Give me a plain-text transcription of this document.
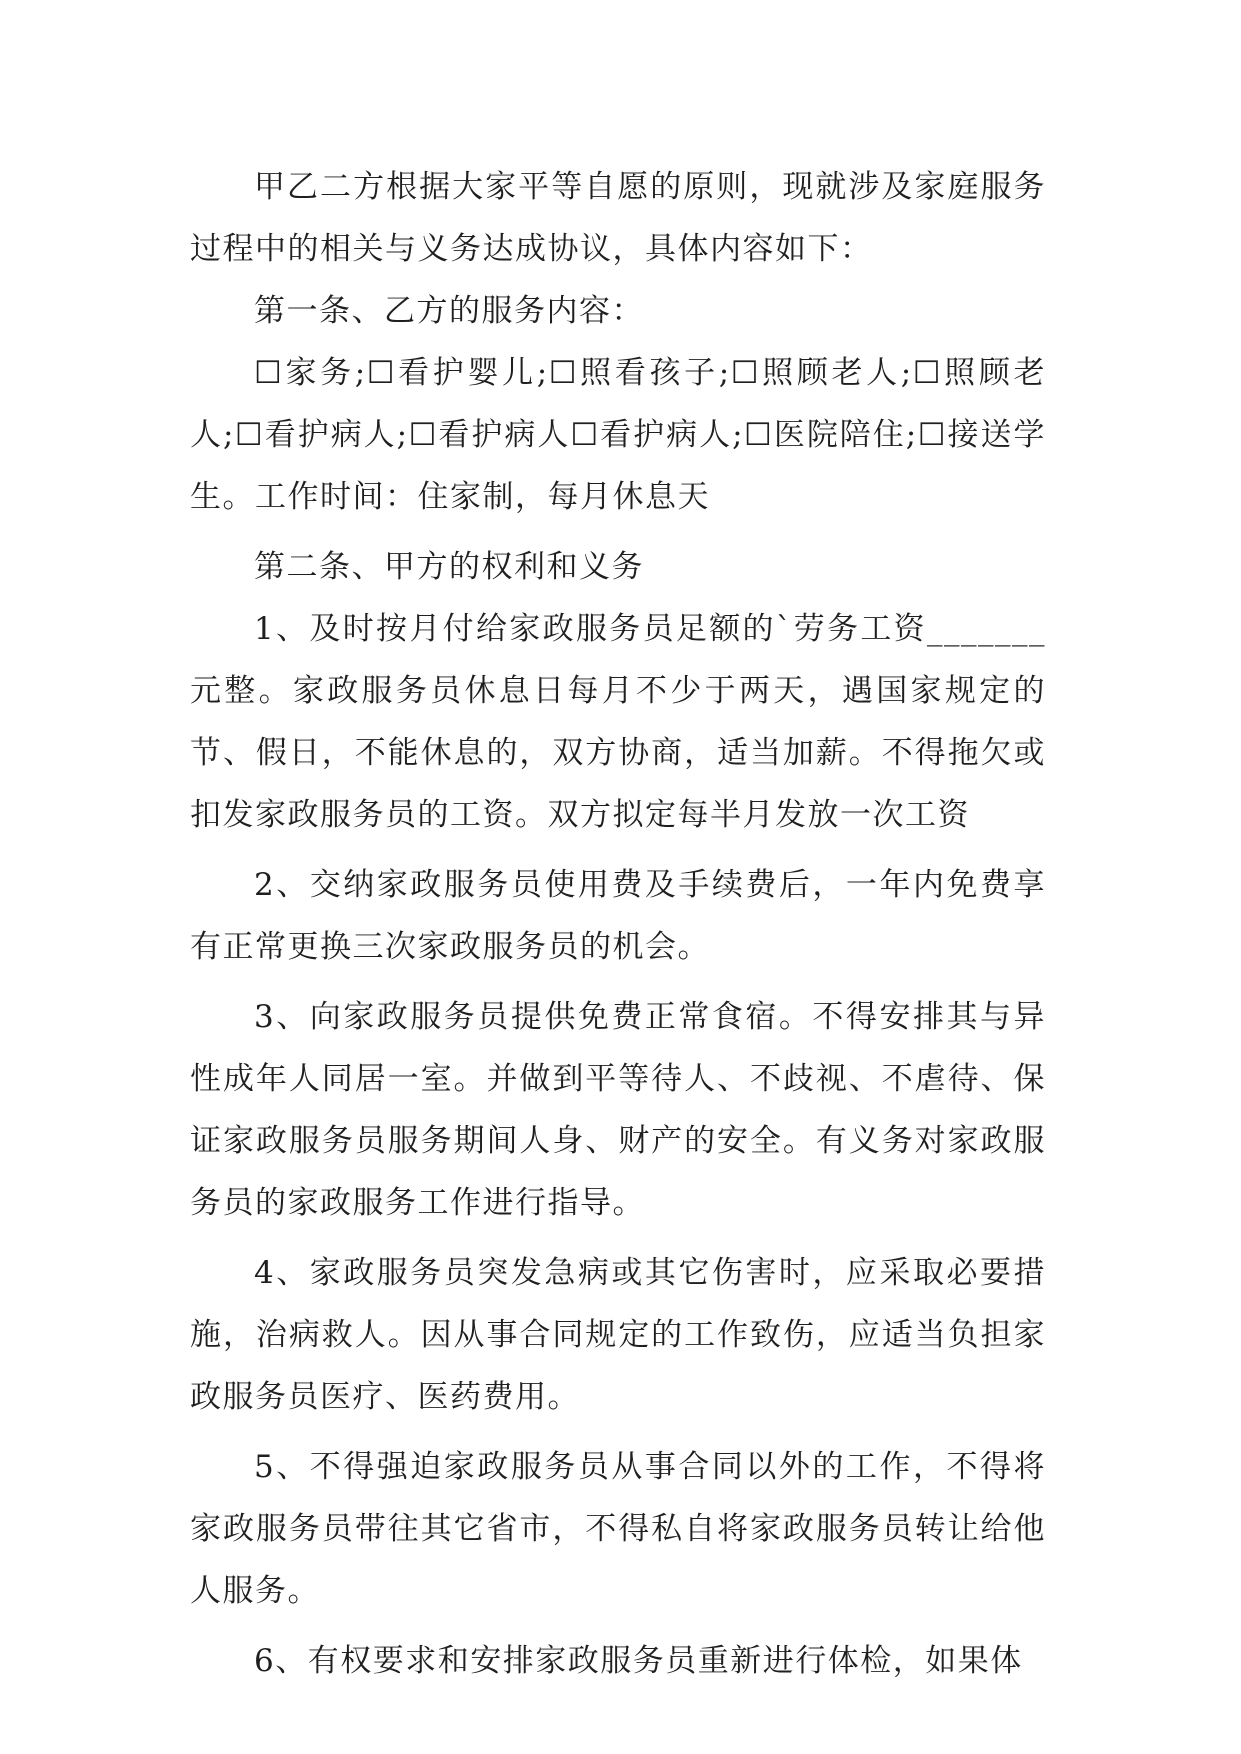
甲乙二方根据大家平等自愿的原则，现就涉及家庭服务过程中的相关与义务达成协议，具体内容如下：

第一条、乙方的服务内容：

☐家务;☐看护婴儿;☐照看孩子;☐照顾老人;☐照顾老人;☐看护病人;☐看护病人☐看护病人;☐医院陪住;☐接送学生。工作时间：住家制，每月休息天

第二条、甲方的权利和义务

1、及时按月付给家政服务员足额的`劳务工资_______元整。家政服务员休息日每月不少于两天，遇国家规定的节、假日，不能休息的，双方协商，适当加薪。不得拖欠或扣发家政服务员的工资。双方拟定每半月发放一次工资

2、交纳家政服务员使用费及手续费后，一年内免费享有正常更换三次家政服务员的机会。

3、向家政服务员提供免费正常食宿。不得安排其与异性成年人同居一室。并做到平等待人、不歧视、不虐待、保证家政服务员服务期间人身、财产的安全。有义务对家政服务员的家政服务工作进行指导。

4、家政服务员突发急病或其它伤害时，应采取必要措施，治病救人。因从事合同规定的工作致伤，应适当负担家政服务员医疗、医药费用。

5、不得强迫家政服务员从事合同以外的工作，不得将家政服务员带往其它省市，不得私自将家政服务员转让给他人服务。

6、有权要求和安排家政服务员重新进行体检，如果体
